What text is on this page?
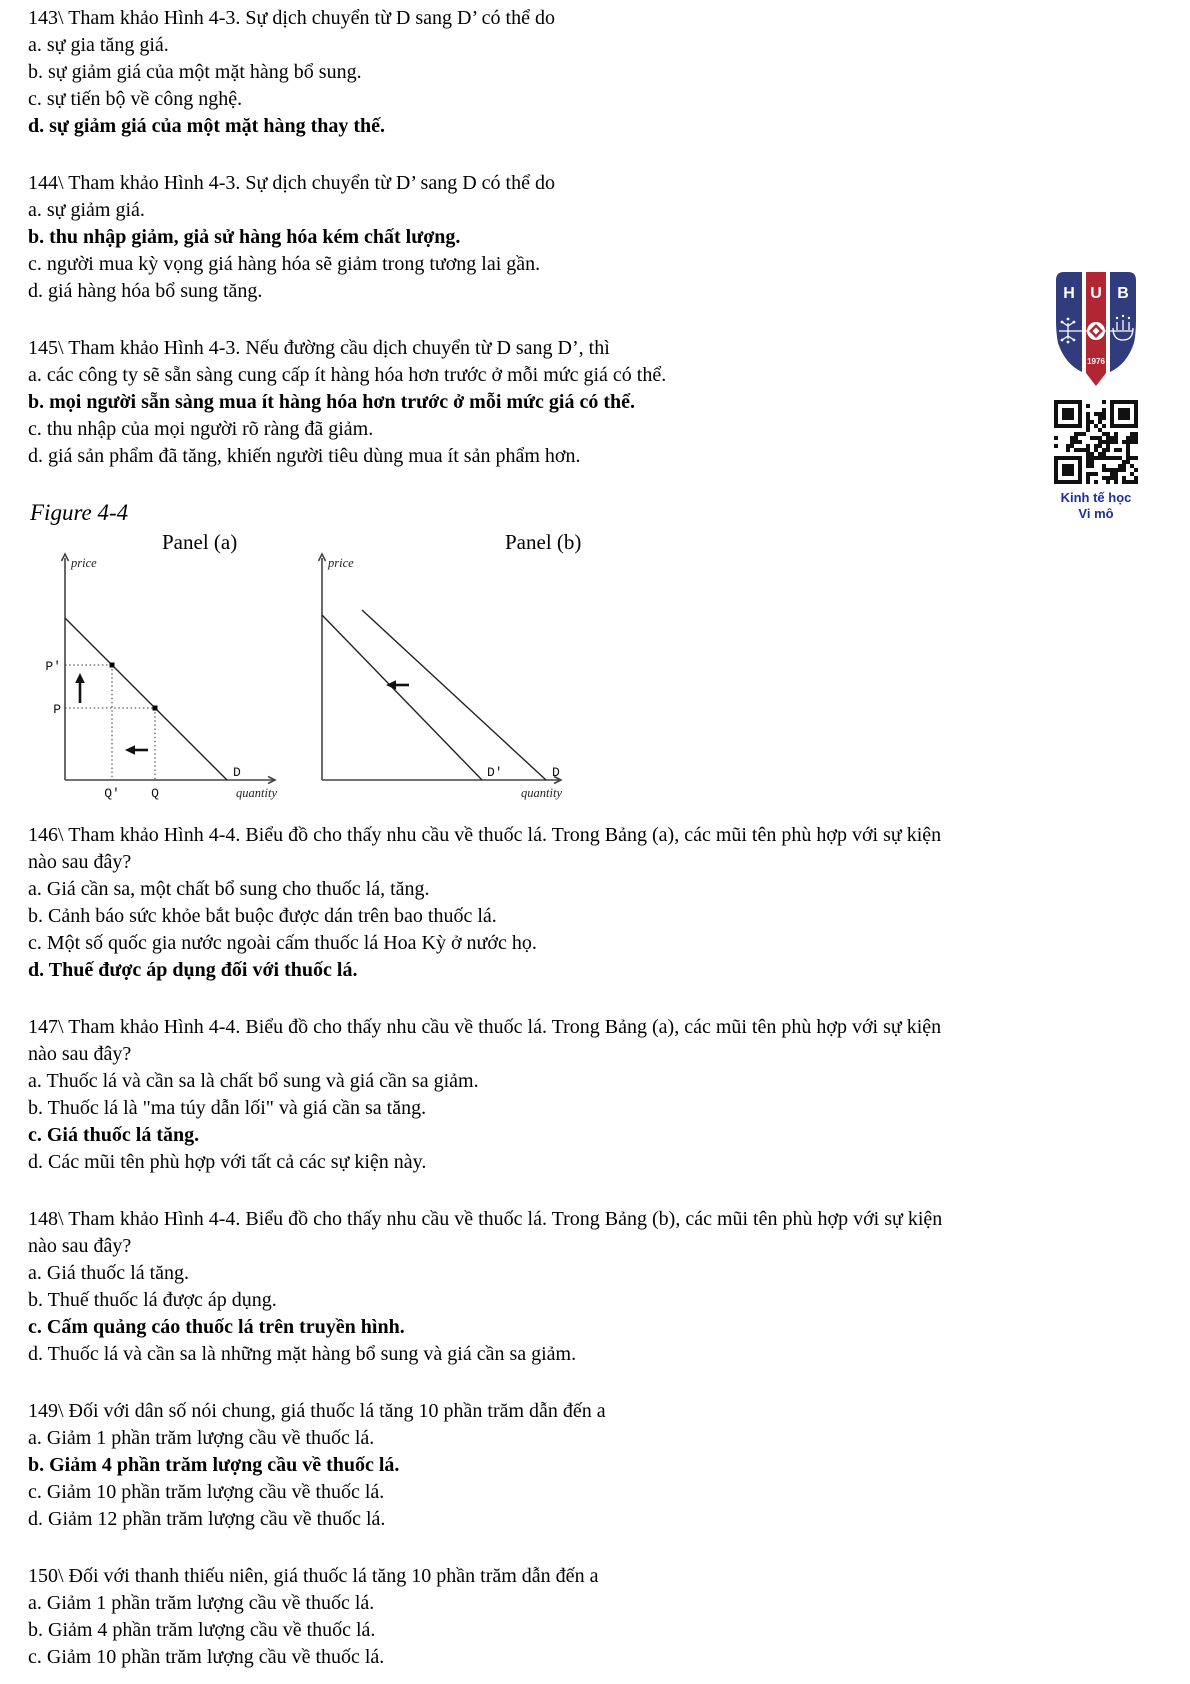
143\ Tham khảo Hình 4-3. Sự dịch chuyển từ D sang D’ có thể do
a. sự gia tăng giá.
b. sự giảm giá của một mặt hàng bổ sung.
c. sự tiến bộ về công nghệ.
d. sự giảm giá của một mặt hàng thay thế.
144\ Tham khảo Hình 4-3. Sự dịch chuyển từ D’ sang D có thể do
a. sự giảm giá.
b. thu nhập giảm, giả sử hàng hóa kém chất lượng.
c. người mua kỳ vọng giá hàng hóa sẽ giảm trong tương lai gần.
d. giá hàng hóa bổ sung tăng.
145\ Tham khảo Hình 4-3. Nếu đường cầu dịch chuyển từ D sang D’, thì
a. các công ty sẽ sẵn sàng cung cấp ít hàng hóa hơn trước ở mỗi mức giá có thể.
b. mọi người sẵn sàng mua ít hàng hóa hơn trước ở mỗi mức giá có thể.
c. thu nhập của mọi người rõ ràng đã giảm.
d. giá sản phẩm đã tăng, khiến người tiêu dùng mua ít sản phẩm hơn.
Figure 4-4
Panel (a)	Panel (b)
price
quantity
P'
P
Q' Q
D
price
quantity
D'	D
146\ Tham khảo Hình 4-4. Biểu đồ cho thấy nhu cầu về thuốc lá. Trong Bảng (a), các mũi tên phù hợp với sự kiện
nào sau đây?
a. Giá cần sa, một chất bổ sung cho thuốc lá, tăng.
b. Cảnh báo sức khỏe bắt buộc được dán trên bao thuốc lá.
c. Một số quốc gia nước ngoài cấm thuốc lá Hoa Kỳ ở nước họ.
d. Thuế được áp dụng đối với thuốc lá.
147\ Tham khảo Hình 4-4. Biểu đồ cho thấy nhu cầu về thuốc lá. Trong Bảng (a), các mũi tên phù hợp với sự kiện
nào sau đây?
a. Thuốc lá và cần sa là chất bổ sung và giá cần sa giảm.
b. Thuốc lá là "ma túy dẫn lối" và giá cần sa tăng.
c. Giá thuốc lá tăng.
d. Các mũi tên phù hợp với tất cả các sự kiện này.
148\ Tham khảo Hình 4-4. Biểu đồ cho thấy nhu cầu về thuốc lá. Trong Bảng (b), các mũi tên phù hợp với sự kiện
nào sau đây?
a. Giá thuốc lá tăng.
b. Thuế thuốc lá được áp dụng.
c. Cấm quảng cáo thuốc lá trên truyền hình.
d. Thuốc lá và cần sa là những mặt hàng bổ sung và giá cần sa giảm.
149\ Đối với dân số nói chung, giá thuốc lá tăng 10 phần trăm dẫn đến a
a. Giảm 1 phần trăm lượng cầu về thuốc lá.
b. Giảm 4 phần trăm lượng cầu về thuốc lá.
c. Giảm 10 phần trăm lượng cầu về thuốc lá.
d. Giảm 12 phần trăm lượng cầu về thuốc lá.
150\ Đối với thanh thiếu niên, giá thuốc lá tăng 10 phần trăm dẫn đến a
a. Giảm 1 phần trăm lượng cầu về thuốc lá.
b. Giảm 4 phần trăm lượng cầu về thuốc lá.
c. Giảm 10 phần trăm lượng cầu về thuốc lá.
H U B
1976
Kinh tế học
Vi mô
